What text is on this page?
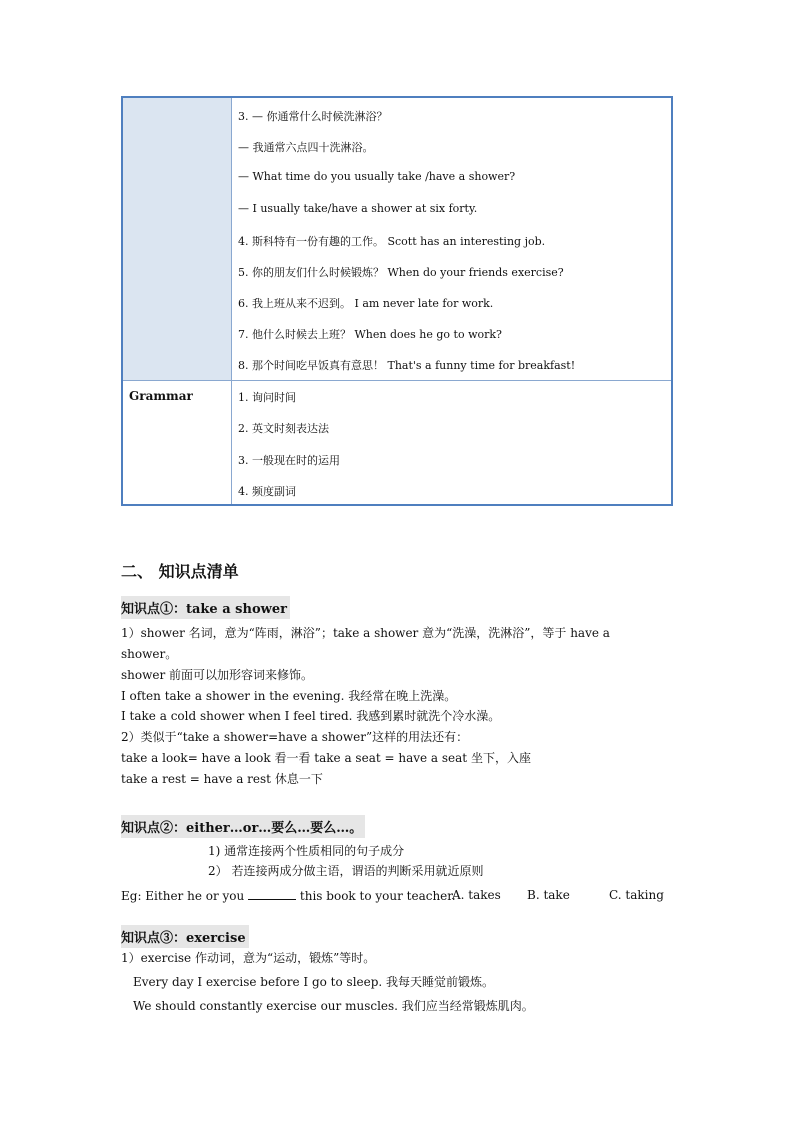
3. — 你通常什么时候洗淋浴？
— 我通常六点四十洗淋浴。
— What time do you usually take /have a shower?
— I usually take/have a shower at six forty.
4. 斯科特有一份有趣的工作。 Scott has an interesting job.
5. 你的朋友们什么时候锻炼？ When do your friends exercise?
6. 我上班从来不迟到。 I am never late for work.
7. 他什么时候去上班？ When does he go to work?
8. 那个时间吃早饭真有意思！ That's a funny time for breakfast!
Grammar	1. 询问时间
2. 英文时刻表达法
3. 一般现在时的运用
4. 频度副词
二、 知识点清单
知识点①：take a shower
1）shower 名词，意为“阵雨，淋浴”；take a shower 意为“洗澡，洗淋浴”，等于 have a
shower。
shower 前面可以加形容词来修饰。
I often take a shower in the evening. 我经常在晚上洗澡。
I take a cold shower when I feel tired. 我感到累时就洗个冷水澡。
2）类似于“take a shower=have a shower”这样的用法还有：
take a look= have a look 看一看 take a seat = have a seat 坐下，入座
take a rest = have a rest 休息一下
知识点②：either…or…要么…要么…。
1) 通常连接两个性质相同的句子成分
2） 若连接两成分做主语，谓语的判断采用就近原则
Eg: Either he or you	this book to your teacher.
A. takes B. take	C. taking
知识点③：exercise
1）exercise 作动词，意为“运动，锻炼”等时。
Every day I exercise before I go to sleep. 我每天睡觉前锻炼。
We should constantly exercise our muscles. 我们应当经常锻炼肌肉。
